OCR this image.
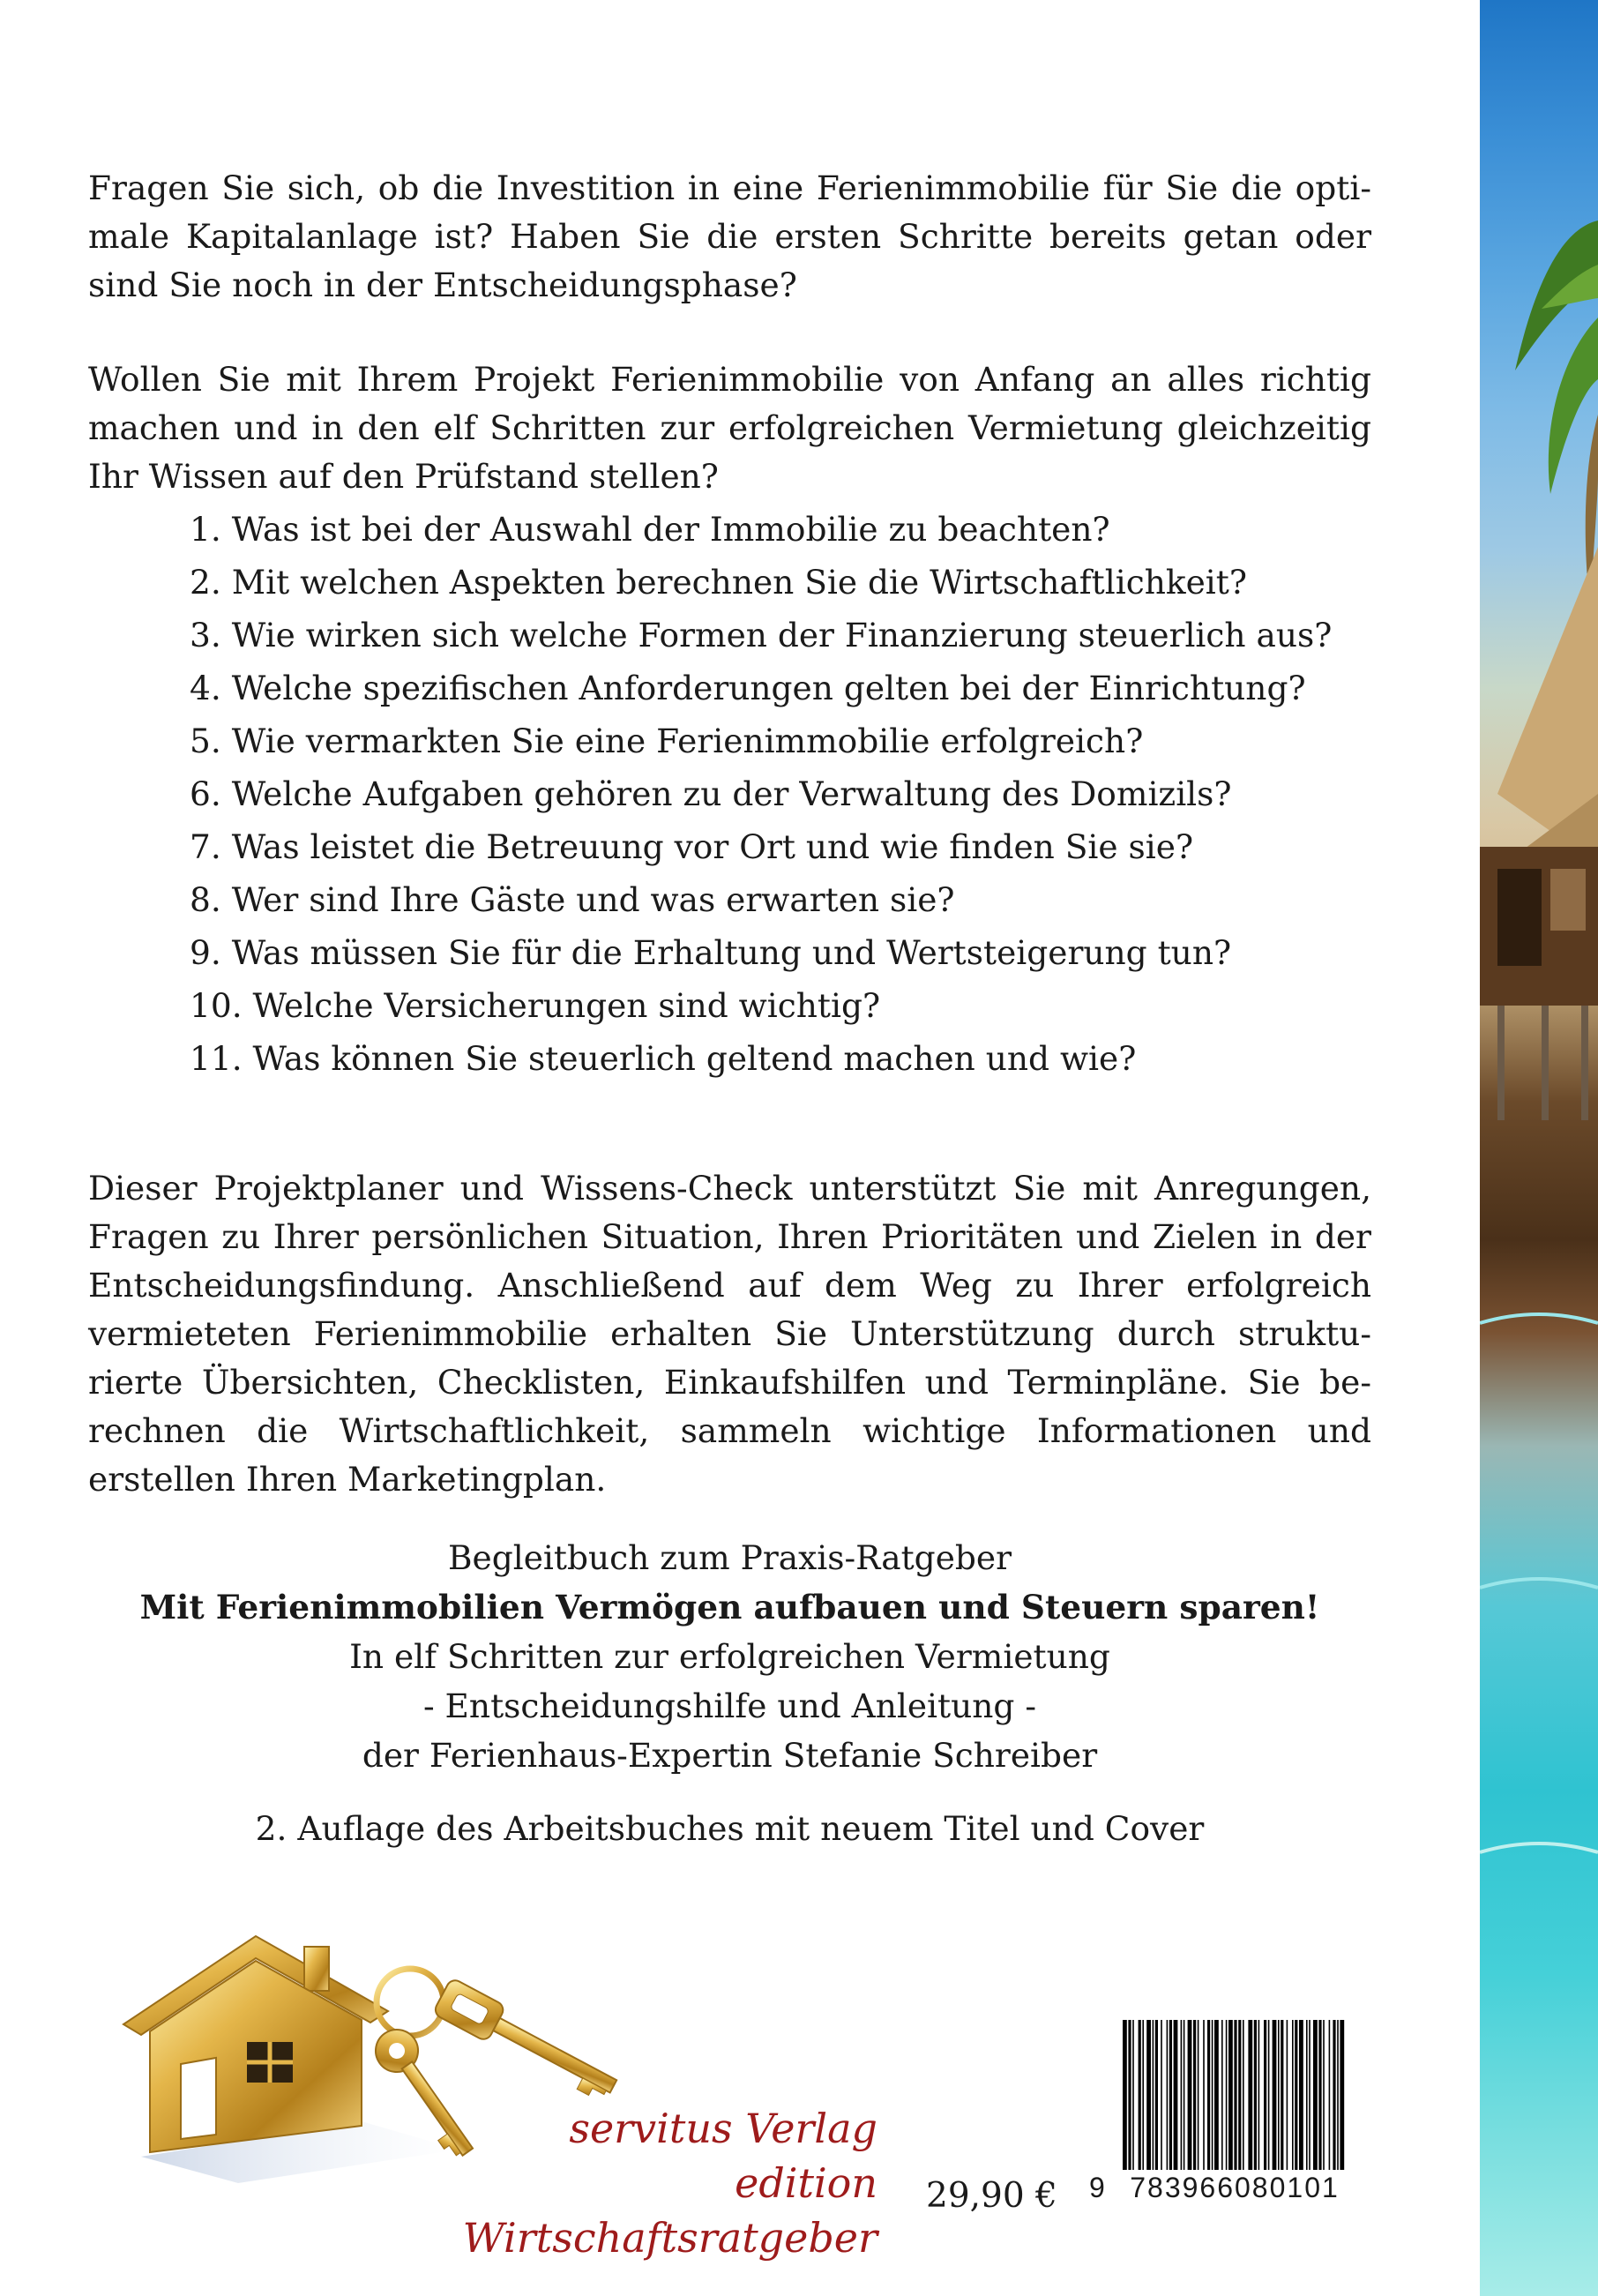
Fragen Sie sich, ob die Investition in eine Ferienimmobilie für Sie die optimale Kapitalanlage ist? Haben Sie die ersten Schritte bereits getan oder sind Sie noch in der Entscheidungsphase?

Wollen Sie mit Ihrem Projekt Ferienimmobilie von Anfang an alles richtig machen und in den elf Schritten zur erfolgreichen Vermietung gleichzeitig Ihr Wissen auf den Prüfstand stellen?

1. Was ist bei der Auswahl der Immobilie zu beachten?
2. Mit welchen Aspekten berechnen Sie die Wirtschaftlichkeit?
3. Wie wirken sich welche Formen der Finanzierung steuerlich aus?
4. Welche spezifischen Anforderungen gelten bei der Einrichtung?
5. Wie vermarkten Sie eine Ferienimmobilie erfolgreich?
6. Welche Aufgaben gehören zu der Verwaltung des Domizils?
7. Was leistet die Betreuung vor Ort und wie finden Sie sie?
8. Wer sind Ihre Gäste und was erwarten sie?
9. Was müssen Sie für die Erhaltung und Wertsteigerung tun?
10. Welche Versicherungen sind wichtig?
11. Was können Sie steuerlich geltend machen und wie?

Dieser Projektplaner und Wissens-Check unterstützt Sie mit Anregungen, Fragen zu Ihrer persönlichen Situation, Ihren Prioritäten und Zielen in der Entscheidungsfindung. Anschließend auf dem Weg zu Ihrer erfolgreich vermieteten Ferienimmobilie erhalten Sie Unterstützung durch strukturierte Übersichten, Checklisten, Einkaufshilfen und Terminpläne. Sie berechnen die Wirtschaftlichkeit, sammeln wichtige Informationen und erstellen Ihren Marketingplan.

Begleitbuch zum Praxis-Ratgeber
Mit Ferienimmobilien Vermögen aufbauen und Steuern sparen!
In elf Schritten zur erfolgreichen Vermietung
- Entscheidungshilfe und Anleitung -
der Ferienhaus-Expertin Stefanie Schreiber
2. Auflage des Arbeitsbuches mit neuem Titel und Cover
servitus Verlag
edition Wirtschaftsratgeber
29,90 € 9 783966080101
